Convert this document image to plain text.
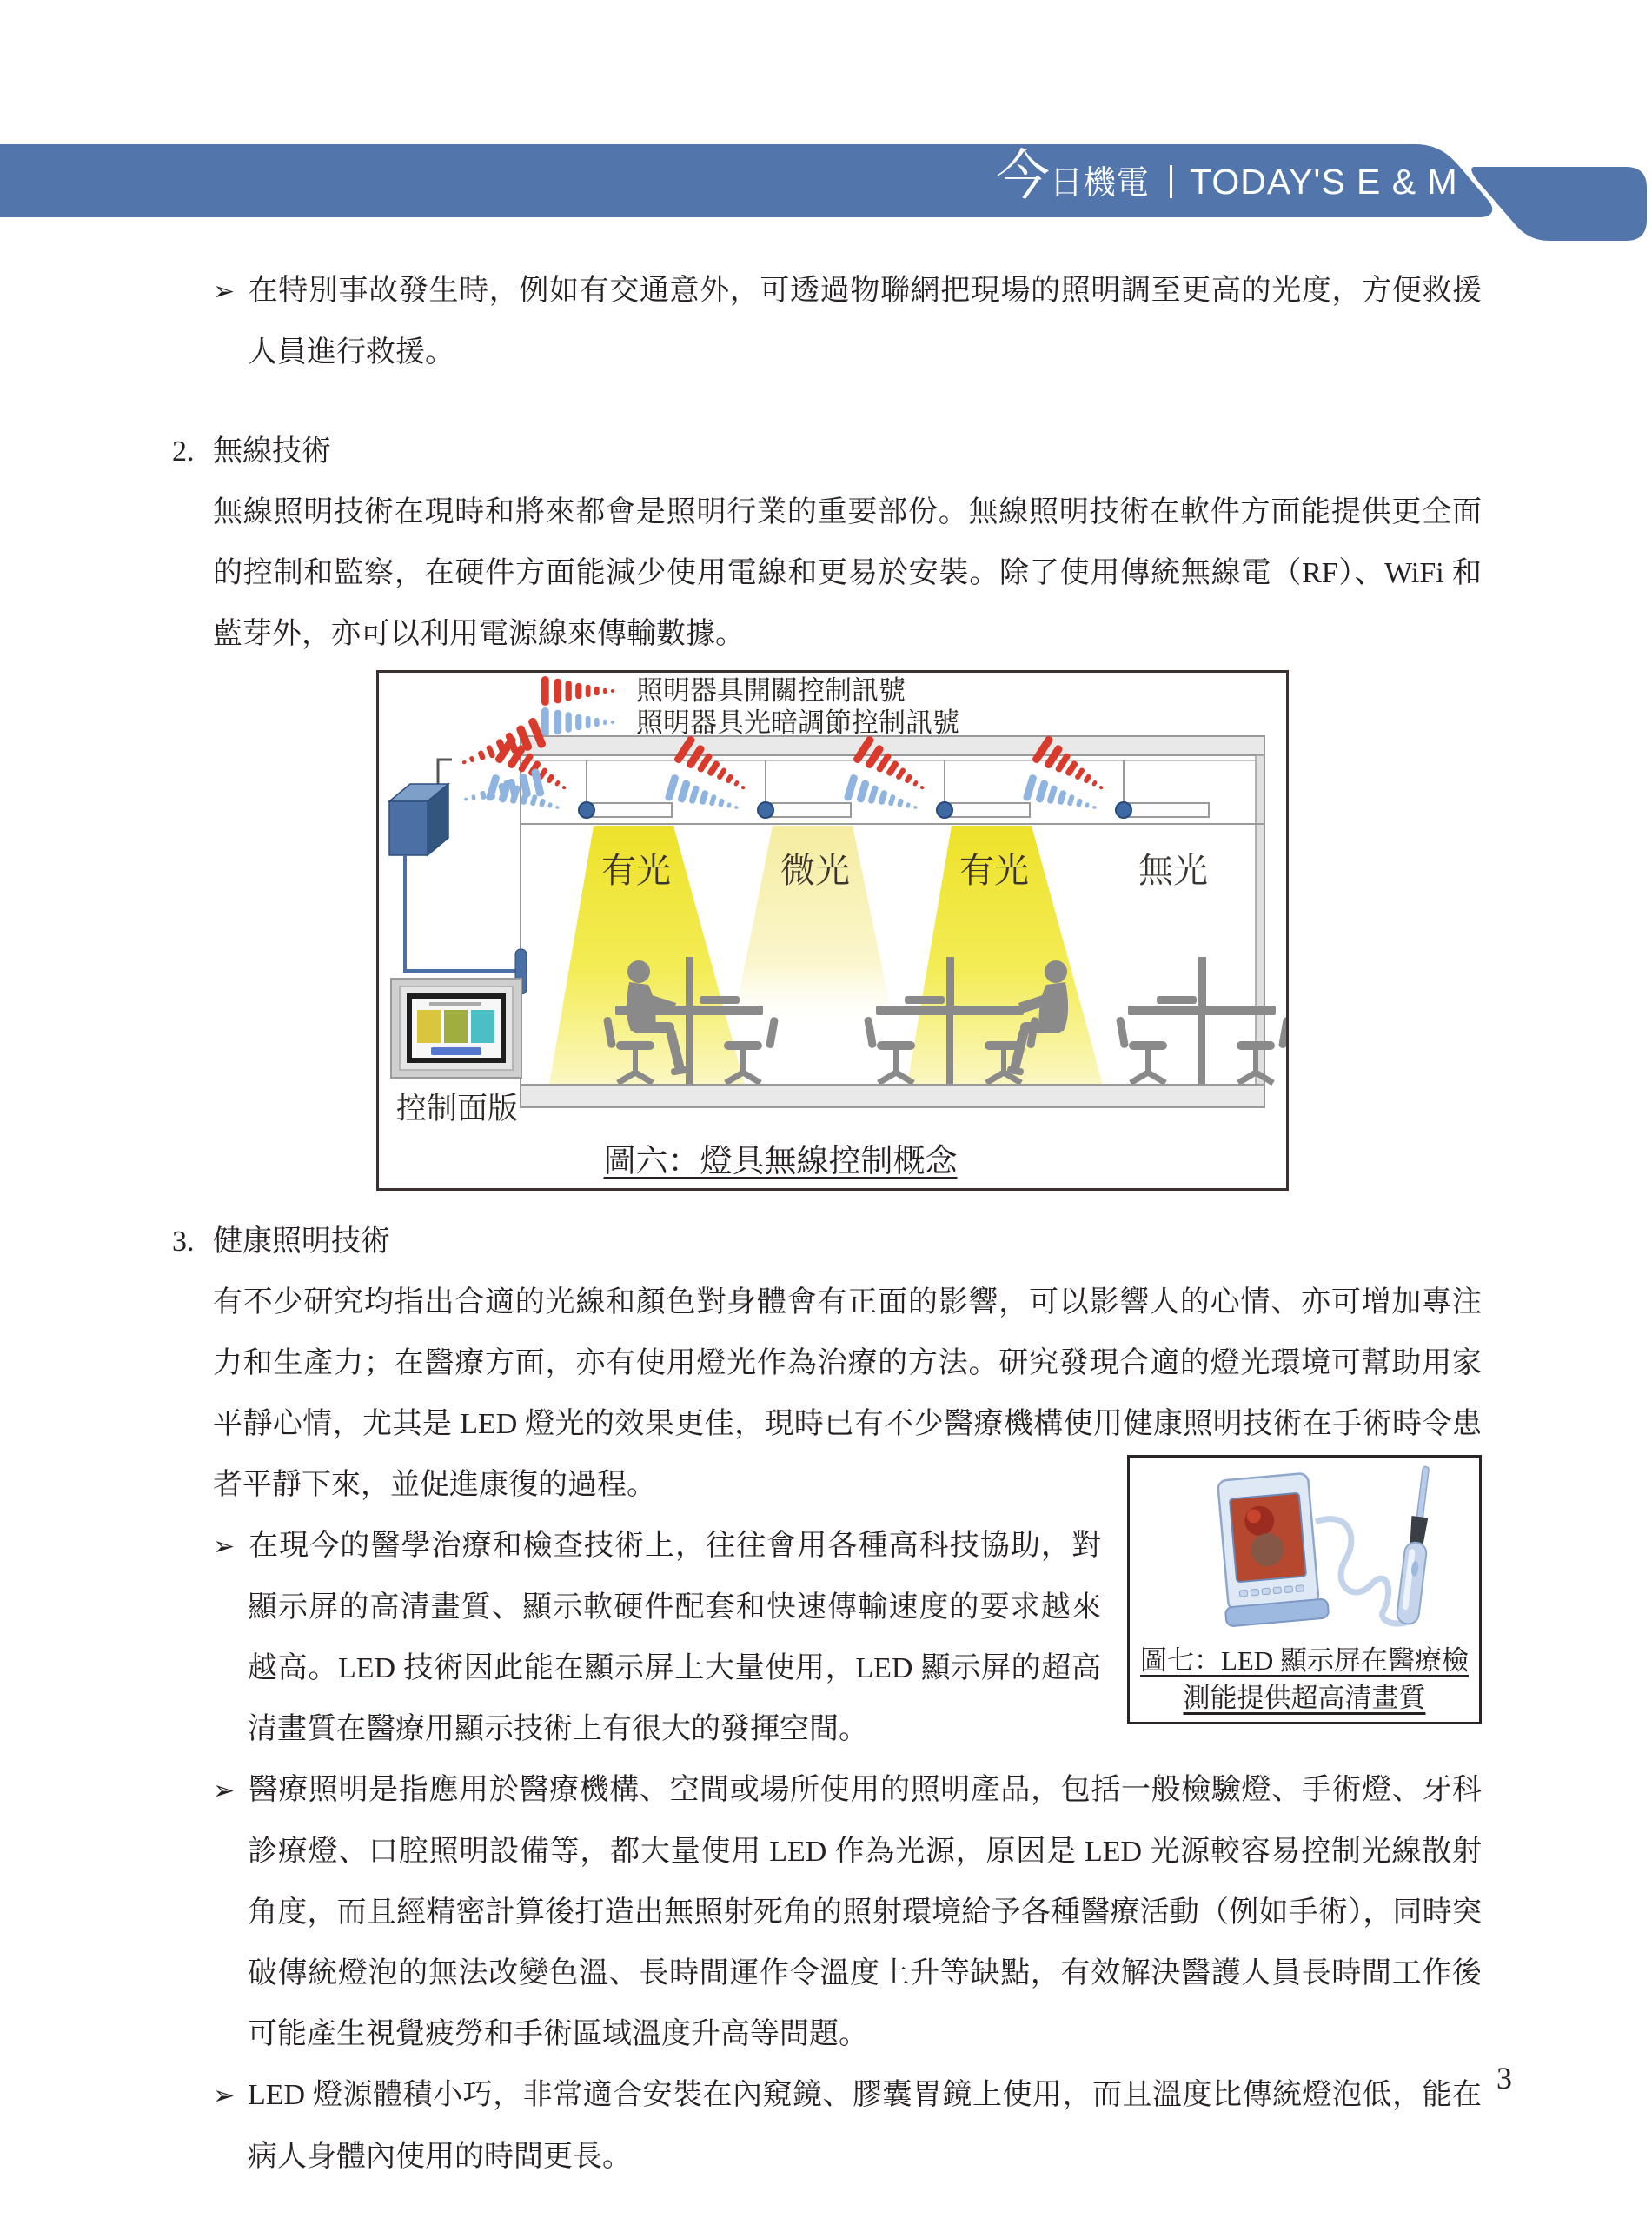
今日機電 TODAY'S E & M
➢ 在特別事故發生時，例如有交通意外，可透過物聯網把現場的照明調至更高的光度，方便救援人員進行救援。
2. 無線技術
無線照明技術在現時和將來都會是照明行業的重要部份。無線照明技術在軟件方面能提供更全面的控制和監察，在硬件方面能減少使用電線和更易於安裝。除了使用傳統無線電（RF）、WiFi 和藍芽外，亦可以利用電源線來傳輸數據。
照明器具開關控制訊號
照明器具光暗調節控制訊號
有光	微光	有光	無光
控制面版
圖六：燈具無線控制概念
3. 健康照明技術
有不少研究均指出合適的光線和顏色對身體會有正面的影響，可以影響人的心情、亦可增加專注力和生產力；在醫療方面，亦有使用燈光作為治療的方法。研究發現合適的燈光環境可幫助用家平靜心情，尤其是 LED 燈光的效果更佳，現時已有不少醫療機構使用健康照明技術在手術時令患者平靜下來，並促進康復的過程。
圖七：LED 顯示屏在醫療檢
測能提供超高清畫質
➢ 在現今的醫學治療和檢查技術上，往往會用各種高科技協助，對顯示屏的高清畫質、顯示軟硬件配套和快速傳輸速度的要求越來越高。LED 技術因此能在顯示屏上大量使用，LED 顯示屏的超高清畫質在醫療用顯示技術上有很大的發揮空間。
➢ 醫療照明是指應用於醫療機構、空間或場所使用的照明產品，包括一般檢驗燈、手術燈、牙科診療燈、口腔照明設備等，都大量使用 LED 作為光源，原因是 LED 光源較容易控制光線散射角度，而且經精密計算後打造出無照射死角的照射環境給予各種醫療活動（例如手術），同時突破傳統燈泡的無法改變色溫、長時間運作令溫度上升等缺點，有效解決醫護人員長時間工作後可能產生視覺疲勞和手術區域溫度升高等問題。
➢ LED 燈源體積小巧，非常適合安裝在內窺鏡、膠囊胃鏡上使用，而且溫度比傳統燈泡低，能在病人身體內使用的時間更長。
3
